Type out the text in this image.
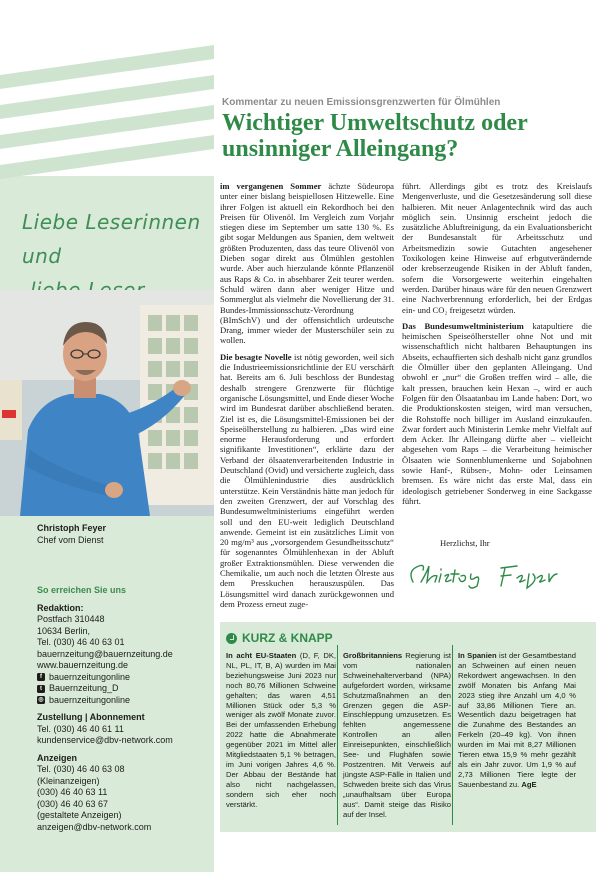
Liebe Leserinnen und
Christoph Feyer
Chef vom Dienst
So erreichen Sie uns
Redaktion:
Postfach 310448
10634 Berlin,
Tel. (030) 46 40 63 01
bauernzeitung@bauernzeitung.de
www.bauernzeitung.de
f bauernzeitungonline
t Bauernzeitung_D
◎ bauernzeitungonline
Zustellung | Abonnement
Tel. (030) 46 40 61 11
kundenservice@dbv-network.com
Anzeigen
Tel. (030) 46 40 63 08
(Kleinanzeigen)
(030) 46 40 63 11
(030) 46 40 63 67
(gestaltete Anzeigen)
anzeigen@dbv-network.com
Kommentar zu neuen Emissionsgrenzwerten für Ölmühlen
Wichtiger Umweltschutz oder unsinniger Alleingang?

im vergangenen Sommer ächzte Südeuropa unter einer bislang beispiellosen Hitzewelle. Eine ihrer Folgen ist aktuell ein Rekordhoch bei den Preisen für Olivenöl. Im Vergleich zum Vorjahr stiegen diese im September um satte 130 %. Es gibt sogar Meldungen aus Spanien, dem weltweit größten Produzenten, dass das teure Olivenöl von Dieben sogar direkt aus Ölmühlen gestohlen wurde. Aber auch hierzulande könnte Pflanzenöl aus Raps & Co. in absehbarer Zeit teurer werden. Schuld wären dann aber weniger Hitze und Sommerglut als vielmehr die Novellierung der 31. Bundes-Immissionsschutz-Verordnung (BImSchV) und der offensichtlich urdeutsche Drang, immer wieder der Musterschüler sein zu wollen.

Die besagte Novelle ist nötig geworden, weil sich die Industrieemissionsrichtlinie der EU verschärft hat. Bereits am 6. Juli beschloss der Bundestag deshalb strengere Grenzwerte für flüchtige organische Lösungsmittel, und Ende dieser Woche wird im Bundesrat darüber abschließend beraten. Ziel ist es, die Lösungsmittel-Emissionen bei der Speiseölherstellung zu halbieren. „Das wird eine enorme Herausforderung und erfordert signifikante Investitionen“, erklärte dazu der Verband der ölsaatenverarbeitenden Industrie in Deutschland (Ovid) und versicherte zugleich, dass die Ölmühlenindustrie dies ausdrücklich unterstütze. Kein Verständnis hätte man jedoch für den zweiten Grenzwert, der auf Vorschlag des Bundesumweltministeriums eingeführt werden soll und den EU-weit lediglich Deutschland anwende. Gemeint ist ein zusätzliches Limit von 20 mg/m³ aus „vorsorgendem Gesundheitsschutz“ für sogenanntes Ölmühlenhexan in der Abluft großer Extraktionsmühlen. Diese verwenden die Chemikalie, um auch noch die letzten Ölreste aus dem Presskuchen herauszuspülen. Das Lösungsmittel wird danach zurückgewonnen und dem Prozess erneut zuge-

führt. Allerdings gibt es trotz des Kreislaufs Mengenverluste, und die Gesetzesänderung soll diese halbieren. Mit neuer Anlagentechnik wird das auch möglich sein. Unsinnig erscheint jedoch die zusätzliche Abluftreinigung, da ein Evaluationsbericht der Bundesanstalt für Arbeitsschutz und Arbeitsmedizin sowie Gutachten angesehener Toxikologen keine Hinweise auf erbgutverändernde oder krebserzeugende Risiken in der Abluft fanden, sofern die Vorsorgewerte weiterhin eingehalten werden. Darüber hinaus wäre für den neuen Grenzwert eine Nachverbrennung erforderlich, bei der Erdgas ein- und CO₂ freigesetzt würden.

Das Bundesumweltministerium katapultiere die heimischen Speiseölhersteller ohne Not und mit wissenschaftlich nicht haltbaren Behauptungen ins Abseits, echauffierten sich deshalb nicht ganz grundlos die Ölmüller über den geplanten Alleingang. Und obwohl er „nur“ die Großen treffen wird – alle, die kalt pressen, brauchen kein Hexan –, wird er auch Folgen für den Ölsaatanbau im Lande haben: Dort, wo die Produktionskosten steigen, wird man versuchen, die Rohstoffe noch billiger im Ausland einzukaufen. Zwar fordert auch Ministerin Lemke mehr Vielfalt auf dem Acker. Ihr Alleingang dürfte aber – vielleicht abgesehen vom Raps – die Verarbeitung heimischer Ölsaaten wie Sonnenblumenkerne und Sojabohnen sowie Hanf-, Rübsen-, Mohn- oder Leinsamen bremsen. Es wäre nicht das erste Mal, dass ein ideologisch getriebener Sonderweg in eine Sackgasse führt.

Herzlichst, Ihr
KURZ & KNAPP
In acht EU-Staaten (D, F, DK, NL, PL, IT, B, A) wurden im Mai beziehungsweise Juni 2023 nur noch 80,76 Millionen Schweine gehalten; das waren 4,51 Millionen Stück oder 5,3 % weniger als zwölf Monate zuvor. Bei der umfassenden Erhebung 2022 hatte die Abnahmerate gegenüber 2021 im Mittel aller Mitgliedstaaten 5,1 % betragen, im Juni vorigen Jahres 4,6 %. Der Abbau der Bestände hat also nicht nachgelassen, sondern sich eher noch verstärkt.
Großbritanniens Regierung ist vom nationalen Schweinehalterverband (NPA) aufgefordert worden, wirksame Schutzmaßnahmen an den Grenzen gegen die ASP-Einschleppung umzusetzen. Es fehlten angemessene Kontrollen an allen Einreisepunkten, einschließlich See- und Flughäfen sowie Postzentren. Mit Verweis auf jüngste ASP-Fälle in Italien und Schweden breite sich das Virus „unaufhaltsam über Europa aus“. Damit steige das Risiko auf der Insel.
In Spanien ist der Gesamtbestand an Schweinen auf einen neuen Rekordwert angewachsen. In den zwölf Monaten bis Anfang Mai 2023 stieg ihre Anzahl um 4,0 % auf 33,86 Millionen Tiere an. Wesentlich dazu beigetragen hat die Zunahme des Bestandes an Ferkeln (20–49 kg). Von ihnen wurden im Mai mit 8,27 Millionen Tieren etwa 15,9 % mehr gezählt als ein Jahr zuvor. Um 1,9 % auf 2,73 Millionen Tiere legte der Sauenbestand zu. AgE
